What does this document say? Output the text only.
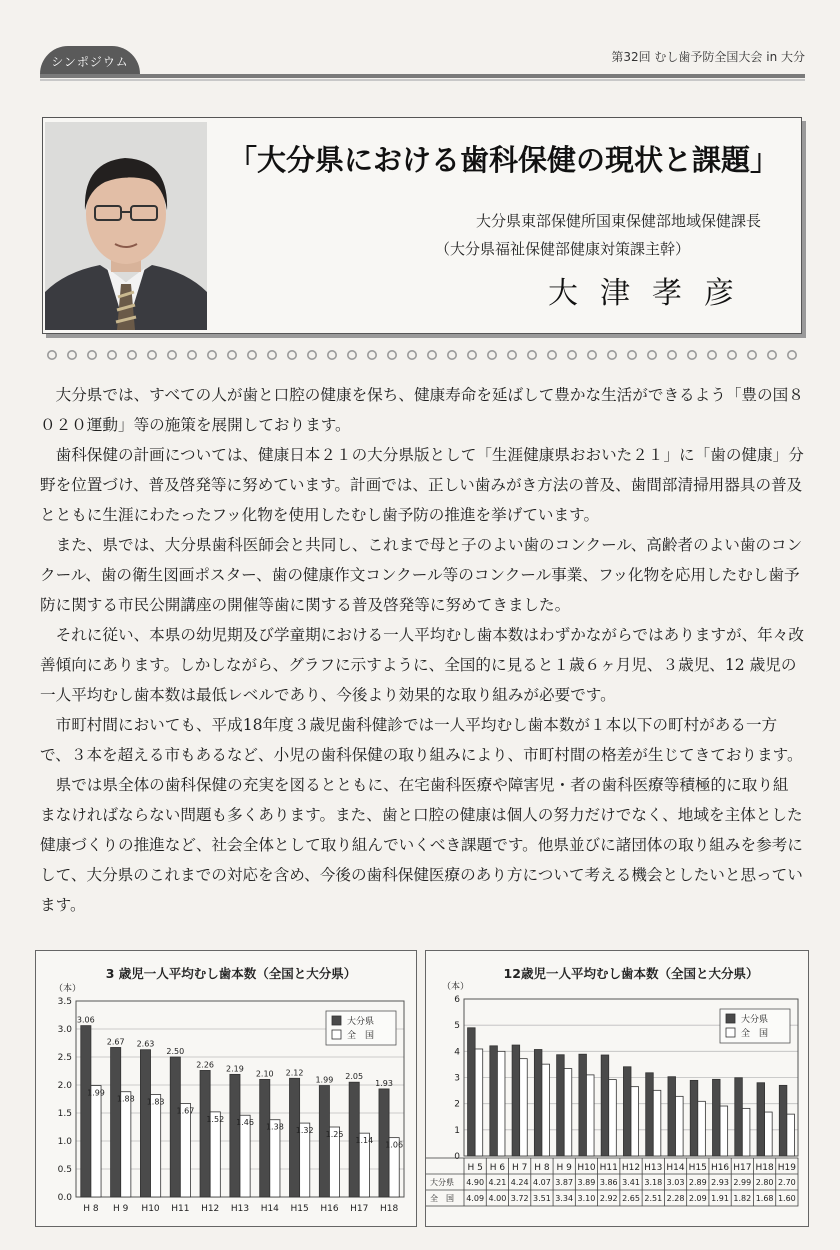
シンポジウム	第32回 むし歯予防全国大会 in 大分
「大分県における歯科保健の現状と課題」
大分県東部保健所国東保健部地域保健課長
（大分県福祉保健部健康対策課主幹）
大津孝彦

大分県では、すべての人が歯と口腔の健康を保ち、健康寿命を延ばして豊かな生活ができるよう「豊の国８０２０運動」等の施策を展開しております。

歯科保健の計画については、健康日本２１の大分県版として「生涯健康県おおいた２１」に「歯の健康」分野を位置づけ、普及啓発等に努めています。計画では、正しい歯みがき方法の普及、歯間部清掃用器具の普及とともに生涯にわたったフッ化物を使用したむし歯予防の推進を挙げています。

また、県では、大分県歯科医師会と共同し、これまで母と子のよい歯のコンクール、高齢者のよい歯のコンクール、歯の衛生図画ポスター、歯の健康作文コンクール等のコンクール事業、フッ化物を応用したむし歯予防に関する市民公開講座の開催等歯に関する普及啓発等に努めてきました。

それに従い、本県の幼児期及び学童期における一人平均むし歯本数はわずかながらではありますが、年々改善傾向にあります。しかしながら、グラフに示すように、全国的に見ると１歳６ヶ月児、３歳児、12 歳児の一人平均むし歯本数は最低レベルであり、今後より効果的な取り組みが必要です。

市町村間においても、平成18年度３歳児歯科健診では一人平均むし歯本数が１本以下の町村がある一方で、３本を超える市もあるなど、小児の歯科保健の取り組みにより、市町村間の格差が生じてきております。

県では県全体の歯科保健の充実を図るとともに、在宅歯科医療や障害児・者の歯科医療等積極的に取り組まなければならない問題も多くあります。また、歯と口腔の健康は個人の努力だけでなく、地域を主体とした健康づくりの推進など、社会全体として取り組んでいくべき課題です。他県並びに諸団体の取り組みを参考にして、大分県のこれまでの対応を含め、今後の歯科保健医療のあり方について考える機会としたいと思っています。

3 歳児一人平均むし歯本数（全国と大分県）
（本）
0.0
0.5
1.0
1.5
2.0
2.5
3.0
3.5
3.06
1.99
H 8
2.67
1.88
H 9
2.63
1.83
H10
2.50
1.67
H11
2.26
1.52
H12
2.19
1.46
H13
2.10
1.38
H14
2.12
1.32
H15
1.99
1.25
H16
2.05
1.14
H17
1.93
1.06
H18
大分県
全　国
12歳児一人平均むし歯本数（全国と大分県）
（本）
0
1
2
3
4
5
6
大分県
全　国
H 5
4.90
4.09
H 6
4.21
4.00
H 7
4.24
3.72
H 8
4.07
3.51
H 9
3.87
3.34
H10
3.89
3.10
H11
3.86
2.92
H12
3.41
2.65
H13
3.18
2.51
H14
3.03
2.28
H15
2.89
2.09
H16
2.93
1.91
H17
2.99
1.82
H18
2.80
1.68
H19
2.70
1.60
大分県
全　国
